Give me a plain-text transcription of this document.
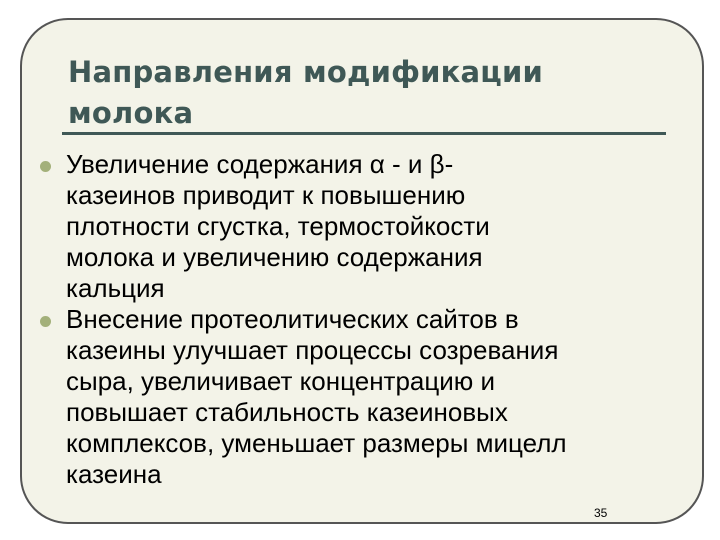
Направления модификации
молока
Увеличение содержания α - и β-
казеинов приводит к повышению
плотности сгустка, термостойкости
молока и увеличению содержания
кальция
Внесение протеолитических сайтов в
казеины улучшает процессы созревания
сыра, увеличивает концентрацию и
повышает стабильность казеиновых
комплексов, уменьшает размеры мицелл
казеина
35
